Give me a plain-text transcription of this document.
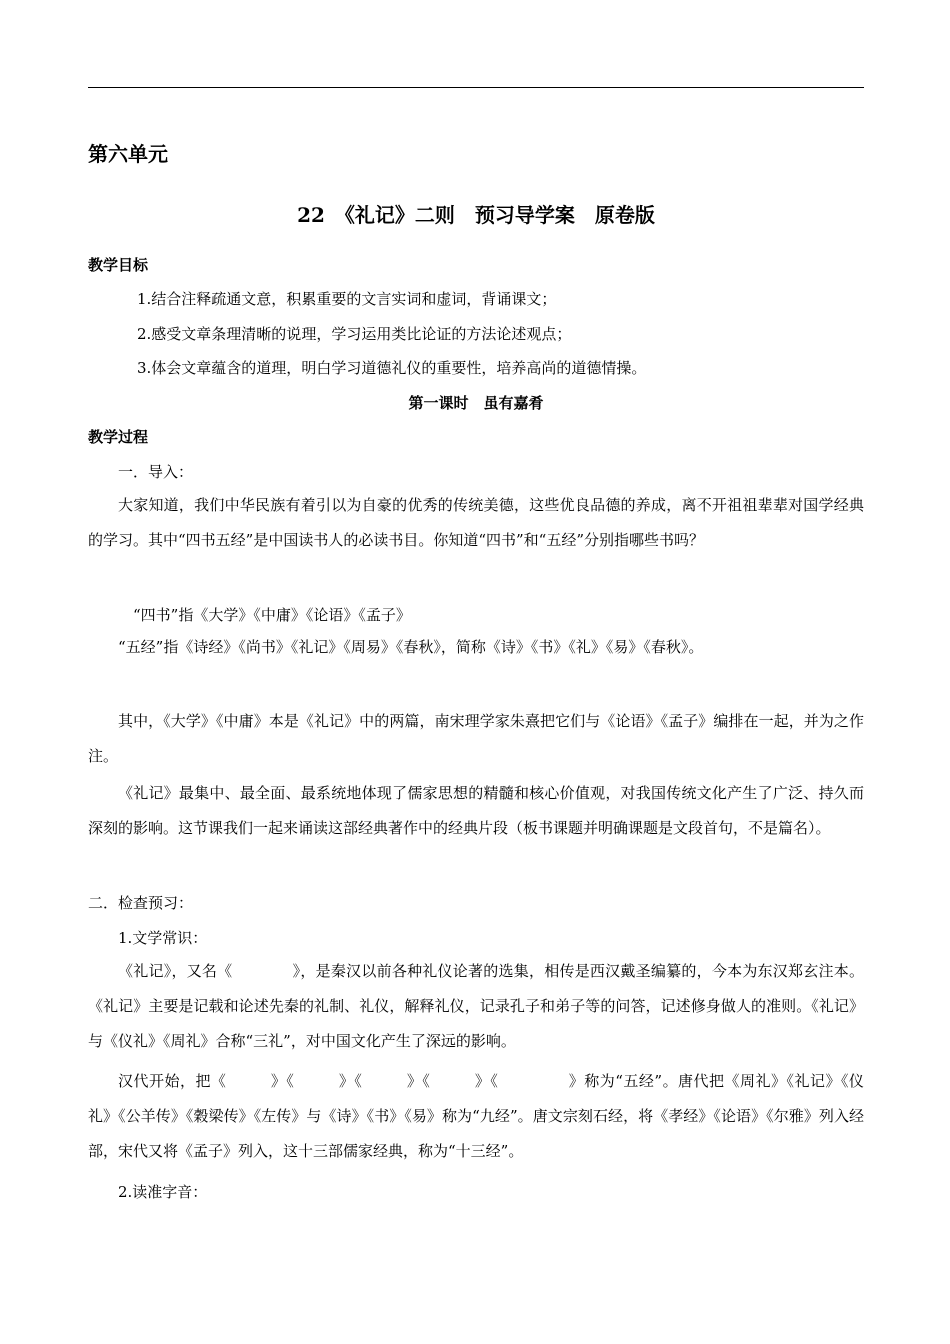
第六单元
22　《礼记》二则　预习导学案　原卷版
教学目标
1.结合注释疏通文意，积累重要的文言实词和虚词，背诵课文；
2.感受文章条理清晰的说理，学习运用类比论证的方法论述观点；
3.体会文章蕴含的道理，明白学习道德礼仪的重要性，培养高尚的道德情操。
第一课时　虽有嘉肴
教学过程
一．导入：
大家知道，我们中华民族有着引以为自豪的优秀的传统美德，这些优良品德的养成，离不开祖祖辈辈对国学经典的学习。其中“四书五经”是中国读书人的必读书目。你知道“四书”和“五经”分别指哪些书吗？
“四书”指《大学》《中庸》《论语》《孟子》
“五经”指《诗经》《尚书》《礼记》《周易》《春秋》，简称《诗》《书》《礼》《易》《春秋》。
其中，《大学》《中庸》本是《礼记》中的两篇，南宋理学家朱熹把它们与《论语》《孟子》编排在一起，并为之作注。
《礼记》最集中、最全面、最系统地体现了儒家思想的精髓和核心价值观，对我国传统文化产生了广泛、持久而深刻的影响。这节课我们一起来诵读这部经典著作中的经典片段（板书课题并明确课题是文段首句，不是篇名）。
二．检查预习：
1.文学常识：
《礼记》，又名《	》，是秦汉以前各种礼仪论著的选集，相传是西汉戴圣编纂的，今本为东汉郑玄注本。《礼记》主要是记载和论述先秦的礼制、礼仪，解释礼仪，记录孔子和弟子等的问答，记述修身做人的准则。《礼记》与《仪礼》《周礼》合称“三礼”，对中国文化产生了深远的影响。
汉代开始，把《	》《	》《	》《	》《	》称为“五经”。唐代把《周礼》《礼记》《仪礼》《公羊传》《穀梁传》《左传》与《诗》《书》《易》称为“九经”。唐文宗刻石经，将《孝经》《论语》《尔雅》列入经部，宋代又将《孟子》列入，这十三部儒家经典，称为“十三经”。
2.读准字音：
